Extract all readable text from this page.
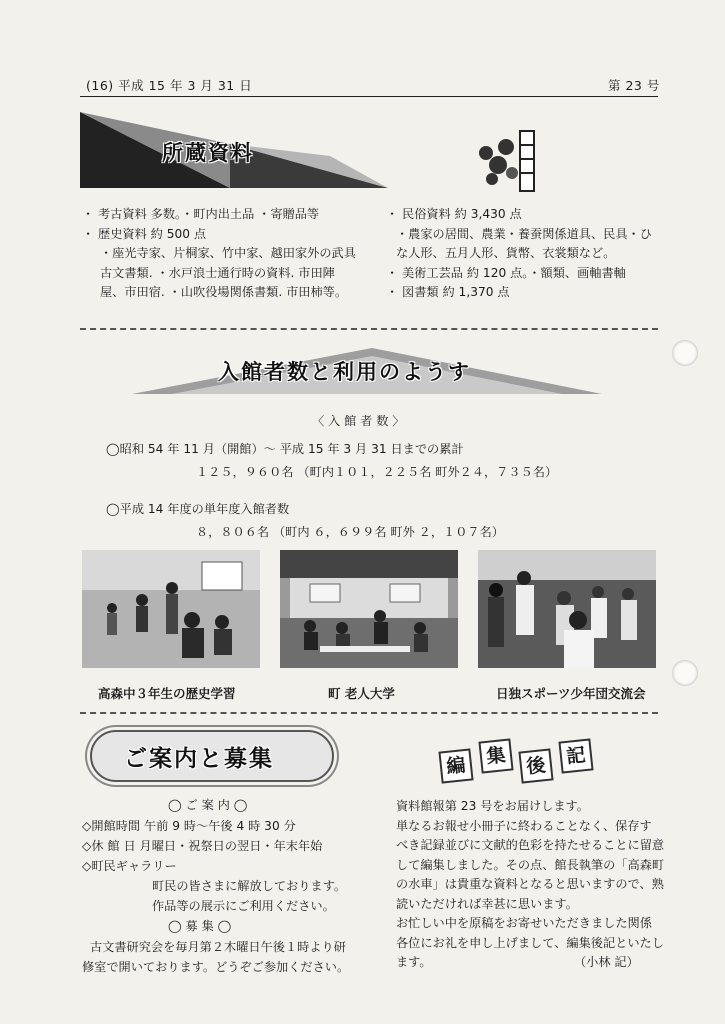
(16) 平成 15 年 3 月 31 日	第 23 号
所蔵資料
・ 考古資料 多数。・町内出土品 ・寄贈品等
・ 歴史資料 約 500 点
・座光寺家、片桐家、竹中家、越田家外の武具
古文書類. ・水戸浪士通行時の資料. 市田陣
屋、市田宿. ・山吹役場関係書類. 市田柿等。
・ 民俗資料 約 3,430 点
・農家の居間、農業・養蚕関係道具、民具・ひ
な人形、五月人形、貨幣、衣裳類など。
・ 美術工芸品 約 120 点。・額類、画軸書軸
・ 図書類 約 1,370 点
入館者数と利用のようす
〈 入 館 者 数 〉
◯昭和 54 年 11 月（開館）〜 平成 15 年 3 月 31 日までの累計
１２５，９６０名 （町内１０１，２２５名 町外２４，７３５名）
◯平成 14 年度の単年度入館者数
８，８０６名 （町内 ６，６９９名 町外 ２，１０７名）
高森中３年生の歴史学習	町 老人大学	日独スポーツ少年団交流会
ご案内と募集	編 集 後 記
◯ ご 案 内 ◯
◇開館時間 午前 9 時〜午後 4 時 30 分
◇休 館 日 月曜日・祝祭日の翌日・年末年始
◇町民ギャラリー
町民の皆さまに解放しております。
作品等の展示にご利用ください。
◯ 募 集 ◯
古文書研究会を毎月第２木曜日午後１時より研
修室で開いております。どうぞご参加ください。
資料館報第 23 号をお届けします。
単なるお報せ小冊子に終わることなく、保存す
べき記録並びに文献的色彩を持たせることに留意
して編集しました。その点、館長執筆の「高森町
の水車」は貴重な資料となると思いますので、熟
読いただければ幸甚に思います。
お忙しい中を原稿をお寄せいただきました関係
各位にお礼を申し上げまして、編集後記といたし
ます。	（小林 記）
